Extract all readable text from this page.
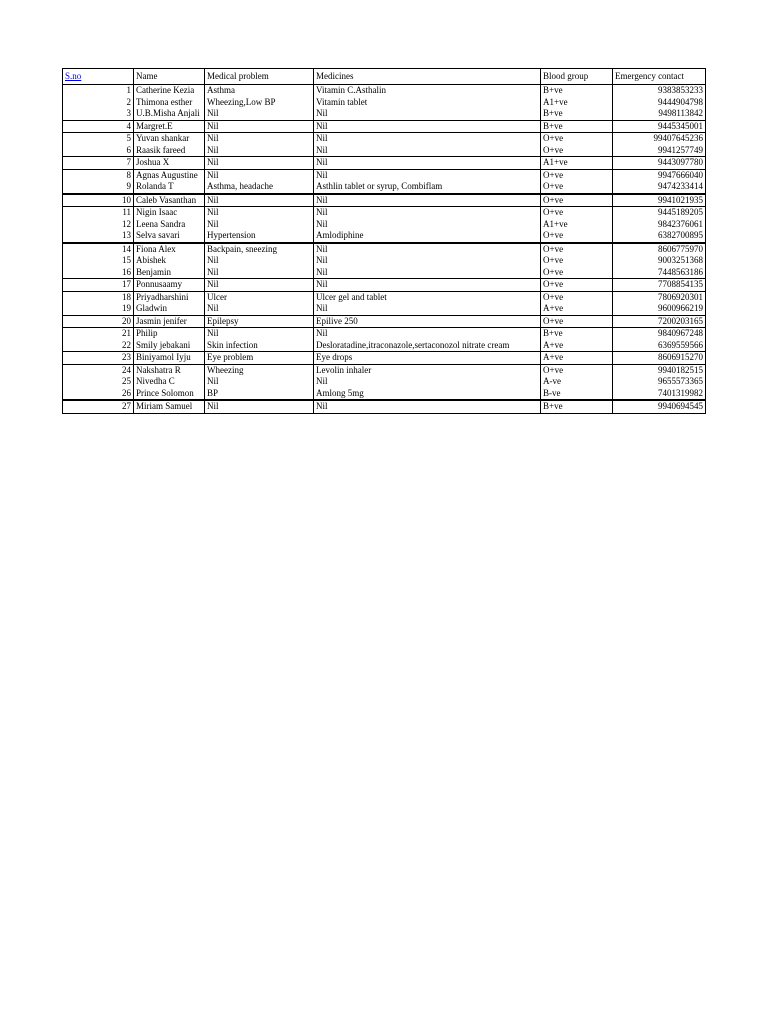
S.no	Name	Medical problem	Medicines	Blood group	Emergency contact
1	Catherine Kezia	Asthma	Vitamin C.Asthalin	B+ve	9383853233
2	Thimona esther	Wheezing,Low BP	Vitamin tablet	A1+ve	9444904798
3	U.B.Misha Anjali	Nil	Nil	B+ve	9498113842
4	Margret.E	Nil	Nil	B+ve	9445345001
5	Yuvan shankar	Nil	Nil	O+ve	99407645236
6	Raasik fareed	Nil	Nil	O+ve	9941257749
7	Joshua X	Nil	Nil	A1+ve	9443097780
8	Agnas Augustine	Nil	Nil	O+ve	9947666040
9	Rolanda T	Asthma, headache	Asthlin tablet or syrup, Combiflam	O+ve	9474233414
10	Caleb Vasanthan	Nil	Nil	O+ve	9941021935
11	Nigin Isaac	Nil	Nil	O+ve	9445189205
12	Leena Sandra	Nil	Nil	A1+ve	9842376061
13	Selva savari	Hypertension	Amlodiphine	O+ve	6382700895
14	Fiona Alex	Backpain, sneezing	Nil	O+ve	8606775970
15	Abishek	Nil	Nil	O+ve	9003251368
16	Benjamin	Nil	Nil	O+ve	7448563186
17	Ponnusaamy	Nil	Nil	O+ve	7708854135
18	Priyadharshini	Ulcer	Ulcer gel and tablet	O+ve	7806920301
19	Gladwin	Nil	Nil	A+ve	9600966219
20	Jasmin jenifer	Epilepsy	Epilive 250	O+ve	7200203165
21	Philip	Nil	Nil	B+ve	9840967248
22	Smily jebakani	Skin infection	Desloratadine,itraconazole,sertaconozol nitrate cream	A+ve	6369559566
23	Biniyamol Iyju	Eye problem	Eye drops	A+ve	8606915270
24	Nakshatra R	Wheezing	Levolin inhaler	O+ve	9940182515
25	Nivedha C	Nil	Nil	A-ve	9655573365
26	Prince Solomon	BP	Amlong 5mg	B-ve	7401319982
27	Miriam Samuel	Nil	Nil	B+ve	9940694545
